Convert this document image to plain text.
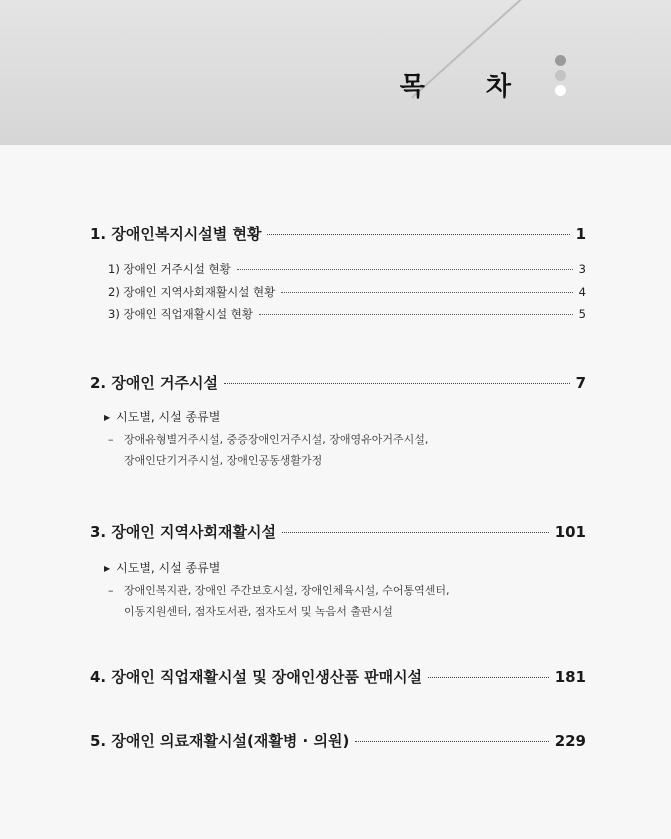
목 차
1. 장애인복지시설별 현황	1
1) 장애인 거주시설 현황	3
2) 장애인 지역사회재활시설 현황	4
3) 장애인 직업재활시설 현황	5
2. 장애인 거주시설	7
▶ 시도별, 시설 종류별
– 장애유형별거주시설, 중증장애인거주시설, 장애영유아거주시설,
장애인단기거주시설, 장애인공동생활가정
3. 장애인 지역사회재활시설	101
▶ 시도별, 시설 종류별
– 장애인복지관, 장애인 주간보호시설, 장애인체육시설, 수어통역센터,
이동지원센터, 점자도서관, 점자도서 및 녹음서 출판시설
4. 장애인 직업재활시설 및 장애인생산품 판매시설	181
5. 장애인 의료재활시설(재활병 · 의원)	229
